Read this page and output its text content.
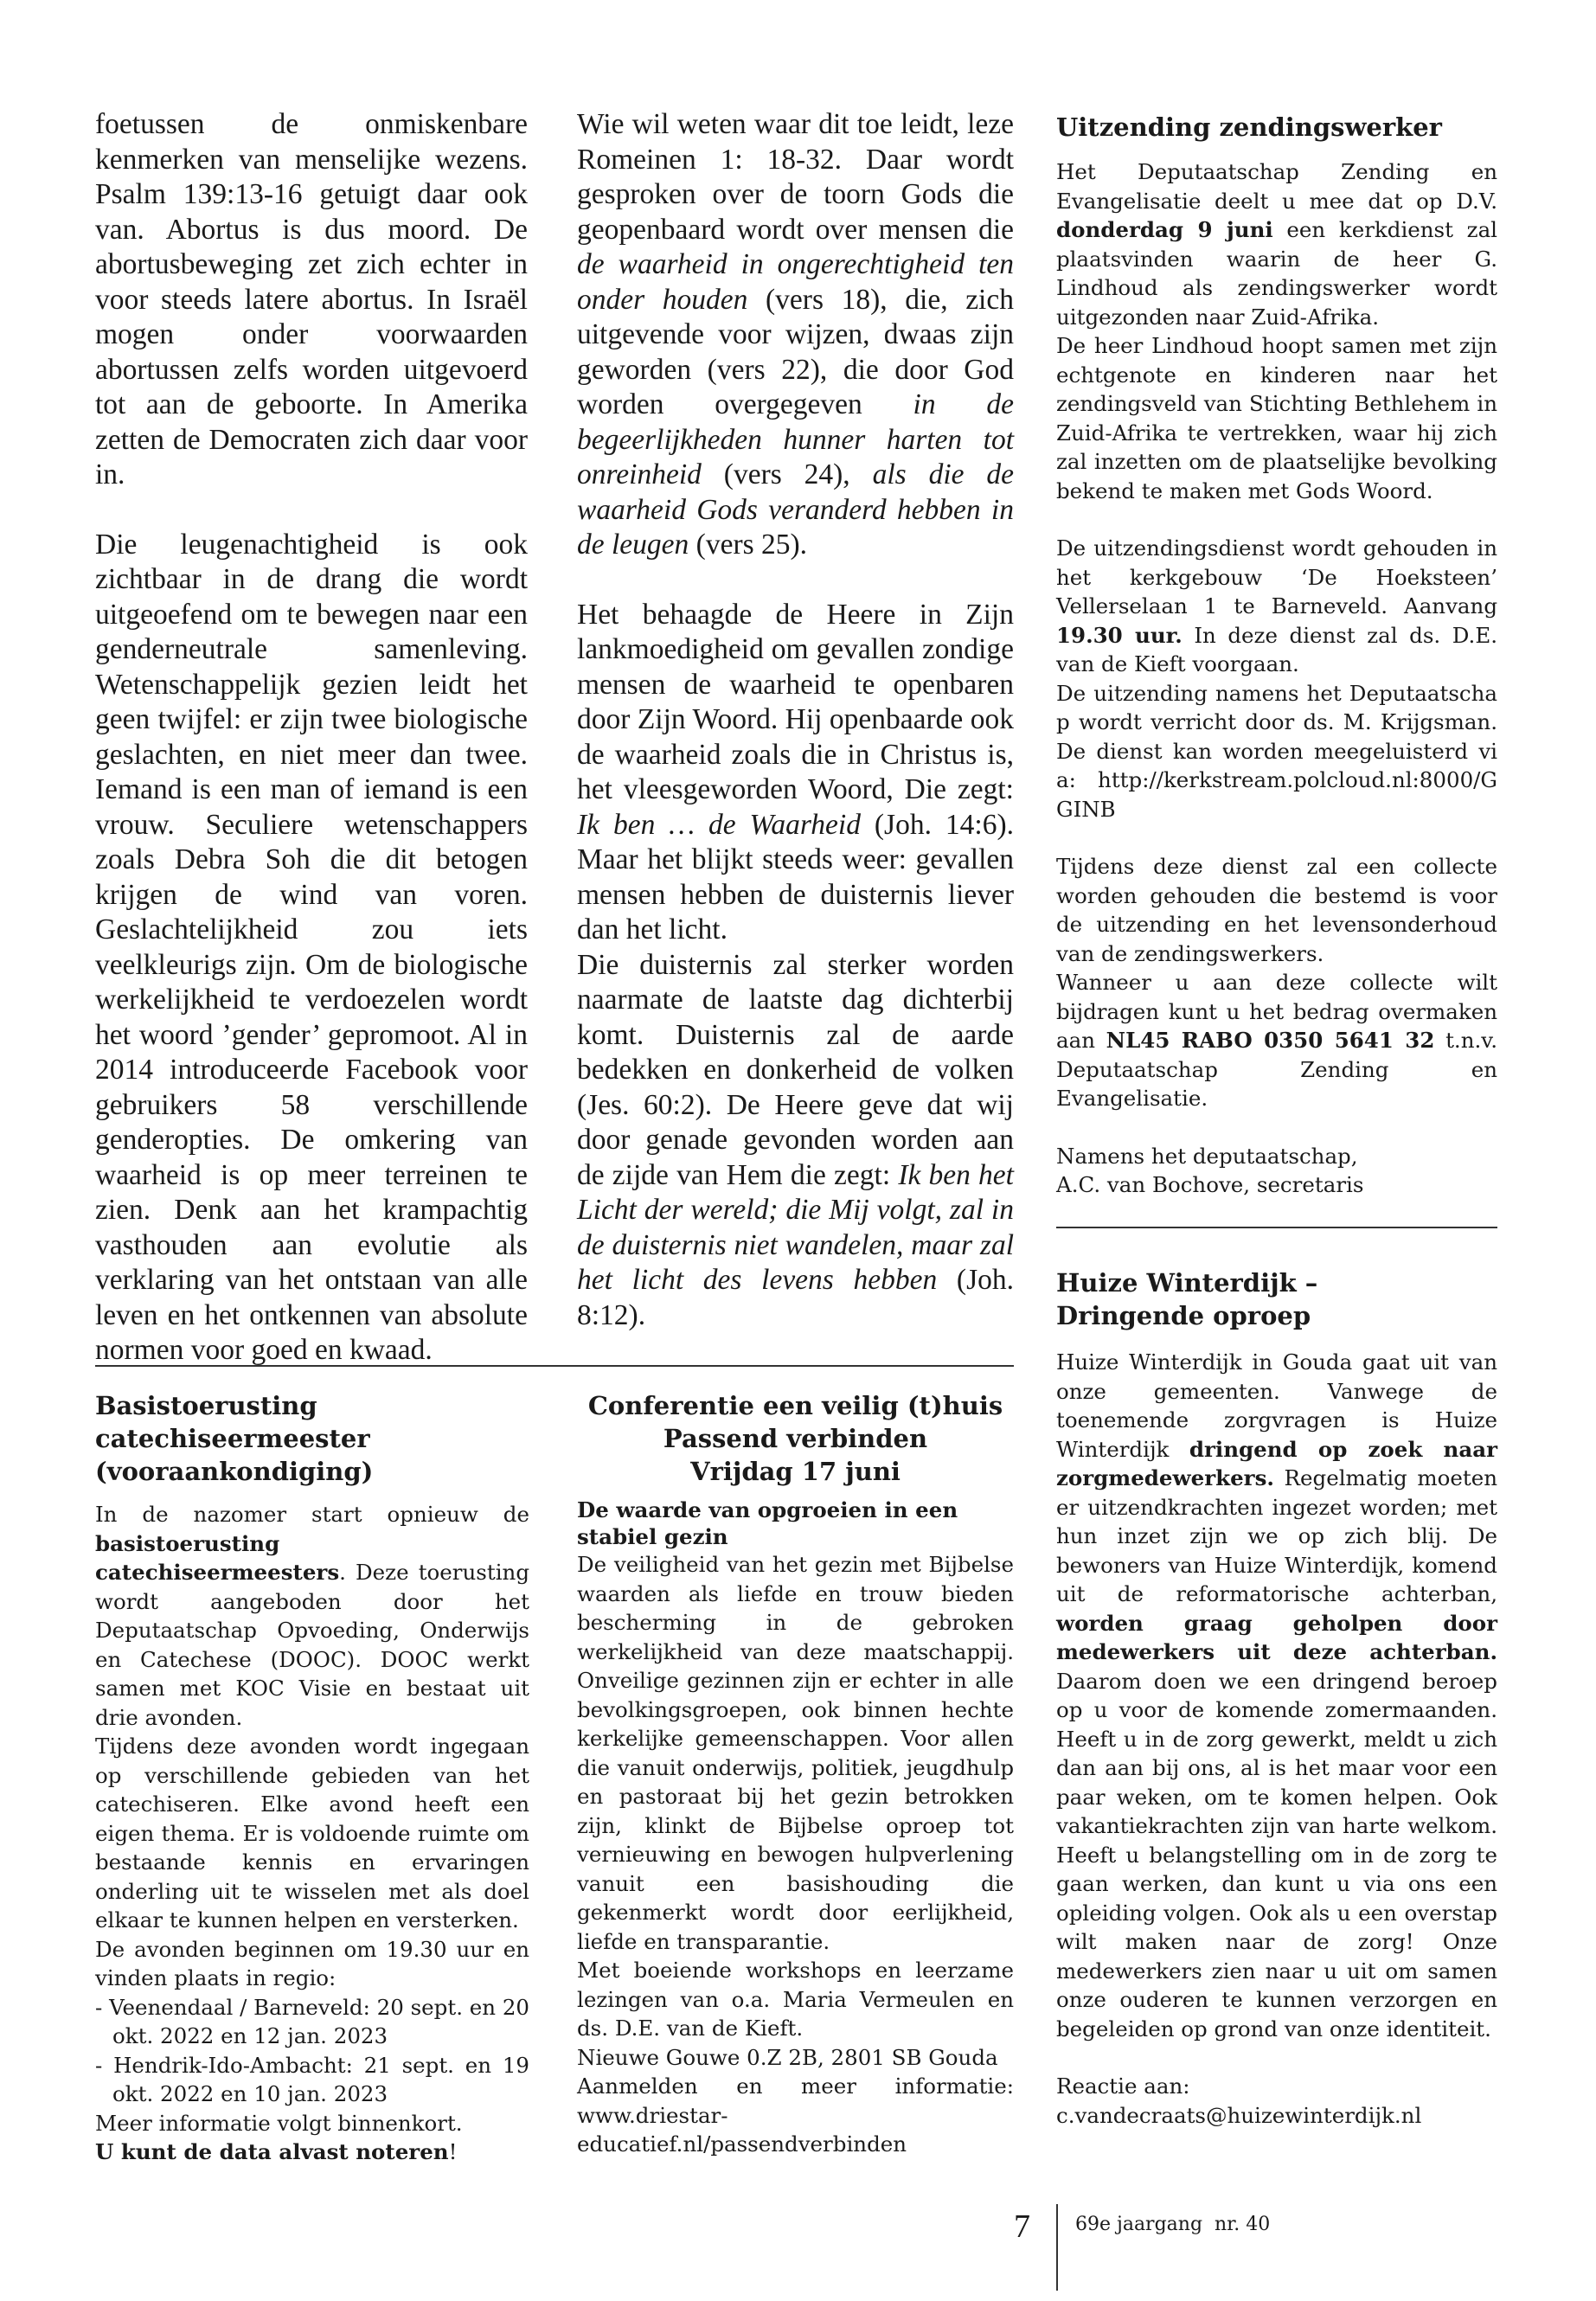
foetussen de onmiskenbare kenmerken van menselijke wezens. Psalm 139:13-16 getuigt daar ook van. Abortus is dus moord. De abortusbeweging zet zich echter in voor steeds latere abortus. In Israël mogen onder voorwaarden abortussen zelfs worden uitgevoerd tot aan de geboorte. In Amerika zetten de Democraten zich daar voor in.

Die leugenachtigheid is ook zichtbaar in de drang die wordt uitgeoefend om te bewegen naar een genderneutrale samenleving. Wetenschappelijk gezien leidt het geen twijfel: er zijn twee biologische geslachten, en niet meer dan twee. Iemand is een man of iemand is een vrouw. Seculiere wetenschappers zoals Debra Soh die dit betogen krijgen de wind van voren. Geslachtelijkheid zou iets veelkleurigs zijn. Om de biologische werkelijkheid te verdoezelen wordt het woord ’gender’ gepromoot. Al in 2014 introduceerde Facebook voor gebruikers 58 verschillende genderopties. De omkering van waarheid is op meer terreinen te zien. Denk aan het krampachtig vasthouden aan evolutie als verklaring van het ontstaan van alle leven en het ontkennen van absolute normen voor goed en kwaad.

Wie wil weten waar dit toe leidt, leze Romeinen 1: 18-32. Daar wordt gesproken over de toorn Gods die geopenbaard wordt over mensen die de waarheid in ongerechtigheid ten onder houden (vers 18), die, zich uitgevende voor wijzen, dwaas zijn geworden (vers 22), die door God worden overgegeven in de begeerlijkheden hunner harten tot onreinheid (vers 24), als die de waarheid Gods veranderd hebben in de leugen (vers 25).

Het behaagde de Heere in Zijn lankmoedigheid om gevallen zondige mensen de waarheid te openbaren door Zijn Woord. Hij openbaarde ook de waarheid zoals die in Christus is, het vleesgeworden Woord, Die zegt: Ik ben … de Waarheid (Joh. 14:6). Maar het blijkt steeds weer: gevallen mensen hebben de duisternis liever dan het licht.

Die duisternis zal sterker worden naarmate de laatste dag dichterbij komt. Duisternis zal de aarde bedekken en donkerheid de volken (Jes. 60:2). De Heere geve dat wij door genade gevonden worden aan de zijde van Hem die zegt: Ik ben het Licht der wereld; die Mij volgt, zal in de duisternis niet wandelen, maar zal het licht des levens hebben (Joh. 8:12).

Uitzending zendingswerker

Het Deputaatschap Zending en Evangelisatie deelt u mee dat op D.V. donderdag 9 juni een kerkdienst zal plaatsvinden waarin de heer G. Lindhoud als zendingswerker wordt uitgezonden naar Zuid-Afrika.

De heer Lindhoud hoopt samen met zijn echtgenote en kinderen naar het zendingsveld van Stichting Bethlehem in Zuid-Afrika te vertrekken, waar hij zich zal inzetten om de plaatselijke bevolking bekend te maken met Gods Woord.

De uitzendingsdienst wordt gehouden in het kerkgebouw ‘De Hoeksteen’ Vellerselaan 1 te Barneveld. Aanvang 19.30 uur. In deze dienst zal ds. D.E. van de Kieft voorgaan.

De uitzending namens het Deputaatschap wordt verricht door ds. M. Krijgsman. De dienst kan worden meegeluisterd via: http://kerkstream.polcloud.nl:8000/GGINB

Tijdens deze dienst zal een collecte worden gehouden die bestemd is voor de uitzending en het levensonderhoud van de zendingswerkers.

Wanneer u aan deze collecte wilt bijdragen kunt u het bedrag overmaken aan NL45 RABO 0350 5641 32 t.n.v. Deputaatschap Zending en Evangelisatie.

Namens het deputaatschap,

A.C. van Bochove, secretaris

Huize Winterdijk –
Dringende oproep

Huize Winterdijk in Gouda gaat uit van onze gemeenten. Vanwege de toenemende zorgvragen is Huize Winterdijk dringend op zoek naar zorgmedewerkers. Regelmatig moeten er uitzendkrachten ingezet worden; met hun inzet zijn we op zich blij. De bewoners van Huize Winterdijk, komend uit de reformatorische achterban, worden graag geholpen door medewerkers uit deze achterban. Daarom doen we een dringend beroep op u voor de komende zomermaanden. Heeft u in de zorg gewerkt, meldt u zich dan aan bij ons, al is het maar voor een paar weken, om te komen helpen. Ook vakantiekrachten zijn van harte welkom. Heeft u belangstelling om in de zorg te gaan werken, dan kunt u via ons een opleiding volgen. Ook als u een overstap wilt maken naar de zorg! Onze medewerkers zien naar u uit om samen onze ouderen te kunnen verzorgen en begeleiden op grond van onze identiteit.

Reactie aan:

c.vandecraats@huizewinterdijk.nl

Basistoerusting catechiseermeester (vooraankondiging)

In de nazomer start opnieuw de basistoerusting catechiseermeesters. Deze toerusting wordt aangeboden door het Deputaatschap Opvoeding, Onderwijs en Catechese (DOOC). DOOC werkt samen met KOC Visie en bestaat uit drie avonden.

Tijdens deze avonden wordt ingegaan op verschillende gebieden van het catechiseren. Elke avond heeft een eigen thema. Er is voldoende ruimte om bestaande kennis en ervaringen onderling uit te wisselen met als doel elkaar te kunnen helpen en versterken.

De avonden beginnen om 19.30 uur en vinden plaats in regio:

- Veenendaal / Barneveld: 20 sept. en 20 okt. 2022 en 12 jan. 2023

- Hendrik-Ido-Ambacht: 21 sept. en 19 okt. 2022 en 10 jan. 2023

Meer informatie volgt binnenkort.

U kunt de data alvast noteren!

Conferentie een veilig (t)huis
Passend verbinden
Vrijdag 17 juni

De waarde van opgroeien in een stabiel gezin

De veiligheid van het gezin met Bijbelse waarden als liefde en trouw bieden bescherming in de gebroken werkelijkheid van deze maatschappij. Onveilige gezinnen zijn er echter in alle bevolkingsgroepen, ook binnen hechte kerkelijke gemeenschappen. Voor allen die vanuit onderwijs, politiek, jeugdhulp en pastoraat bij het gezin betrokken zijn, klinkt de Bijbelse oproep tot vernieuwing en bewogen hulpverlening vanuit een basishouding die gekenmerkt wordt door eerlijkheid, liefde en transparantie.

Met boeiende workshops en leerzame lezingen van o.a. Maria Vermeulen en ds. D.E. van de Kieft.

Nieuwe Gouwe 0.Z 2B, 2801 SB Gouda

Aanmelden en meer informatie: www.driestar-educatief.nl/passendverbinden

7 69e jaargang  nr. 40
